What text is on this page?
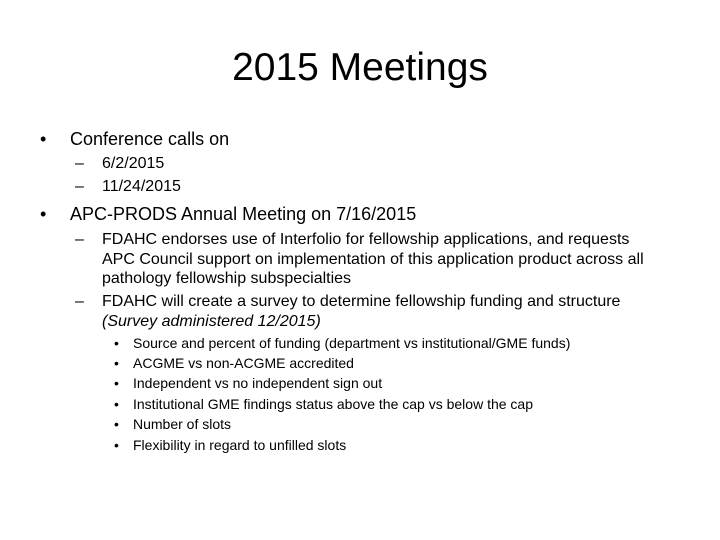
2015 Meetings
• Conference calls on
– 6/2/2015
– 11/24/2015
• APC-PRODS Annual Meeting on 7/16/2015
– FDAHC endorses use of Interfolio for fellowship applications, and requests APC Council support on implementation of this application product across all pathology fellowship subspecialties
– FDAHC will create a survey to determine fellowship funding and structure (Survey administered 12/2015)
• Source and percent of funding (department vs institutional/GME funds)
• ACGME vs non-ACGME accredited
• Independent vs no independent sign out
• Institutional GME findings status above the cap vs below the cap
• Number of slots
• Flexibility in regard to unfilled slots
